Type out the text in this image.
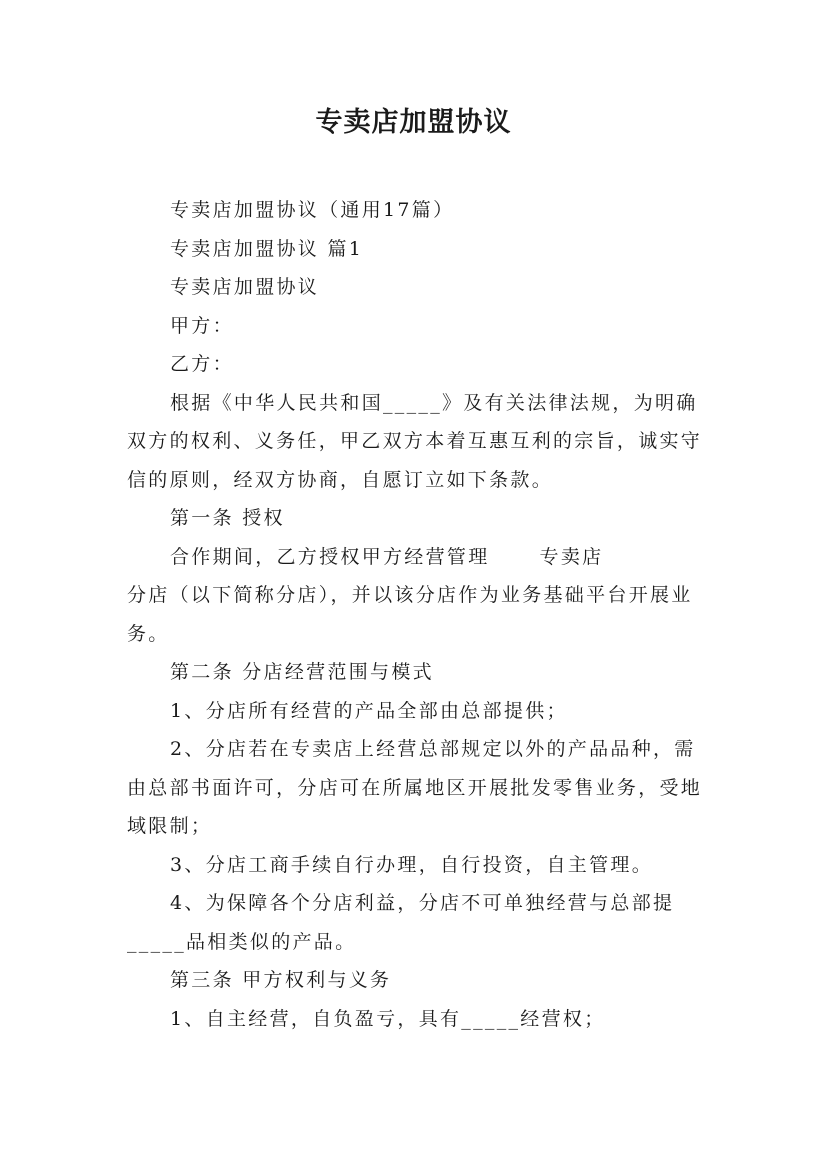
专卖店加盟协议

专卖店加盟协议（通用17篇）

专卖店加盟协议 篇1

专卖店加盟协议

甲方：

乙方：

根据《中华人民共和国_____》及有关法律法规，为明确双方的权利、义务任，甲乙双方本着互惠互利的宗旨，诚实守信的原则，经双方协商，自愿订立如下条款。

第一条 授权

合作期间，乙方授权甲方经营管理      专卖店          分店（以下简称分店），并以该分店作为业务基础平台开展业务。

第二条 分店经营范围与模式

1、分店所有经营的产品全部由总部提供；

2、分店若在专卖店上经营总部规定以外的产品品种，需由总部书面许可，分店可在所属地区开展批发零售业务，受地域限制；

3、分店工商手续自行办理，自行投资，自主管理。

4、为保障各个分店利益，分店不可单独经营与总部提_____品相类似的产品。

第三条 甲方权利与义务

1、自主经营，自负盈亏，具有_____经营权；
